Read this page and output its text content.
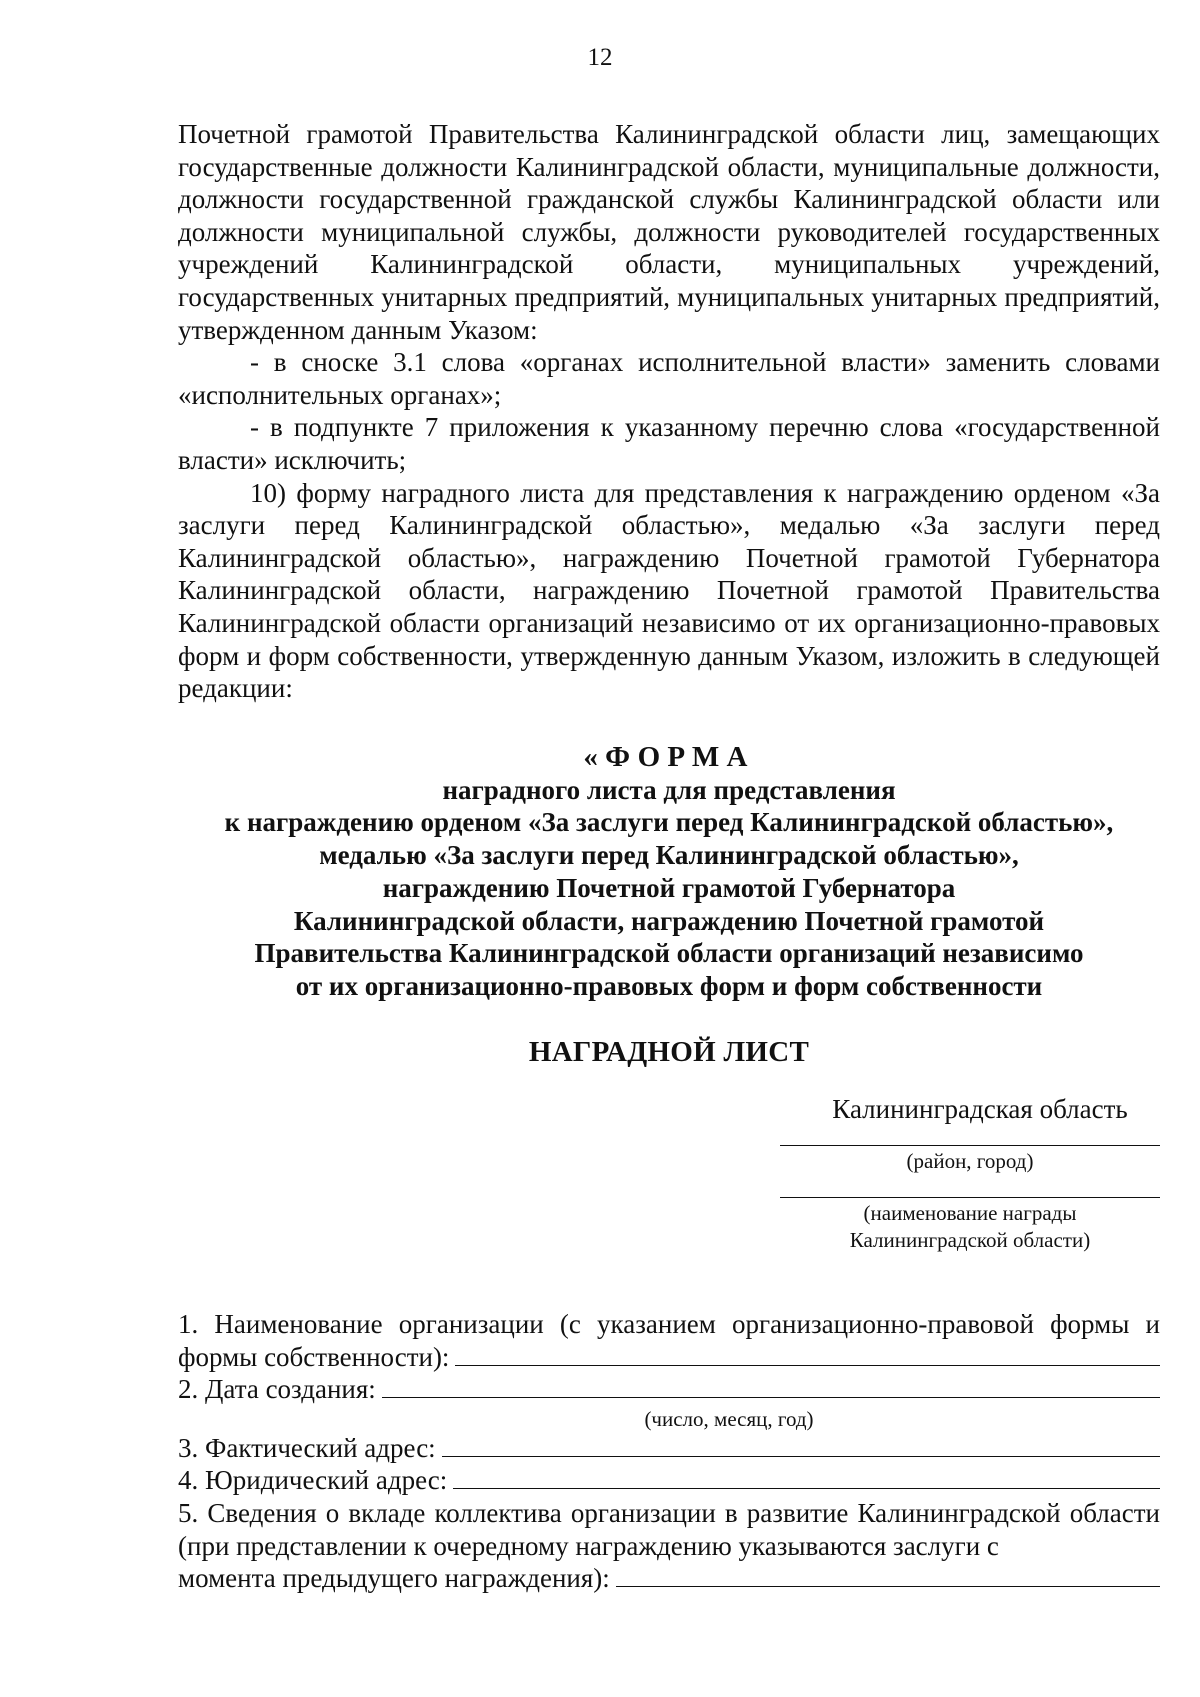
12

Почетной грамотой Правительства Калининградской области лиц, замещающих государственные должности Калининградской области, муниципальные должности, должности государственной гражданской службы Калининградской области или должности муниципальной службы, должности руководителей государственных учреждений Калининградской области, муниципальных учреждений, государственных унитарных предприятий, муниципальных унитарных предприятий, утвержденном данным Указом:

- в сноске 3.1 слова «органах исполнительной власти» заменить словами «исполнительных органах»;

- в подпункте 7 приложения к указанному перечню слова «государственной власти» исключить;

10) форму наградного листа для представления к награждению орденом «За заслуги перед Калининградской областью», медалью «За заслуги перед Калининградской областью», награждению Почетной грамотой Губернатора Калининградской области, награждению Почетной грамотой Правительства Калининградской области организаций независимо от их организационно-правовых форм и форм собственности, утвержденную данным Указом, изложить в следующей редакции:

«ФОРМА
наградного листа для представления
к награждению орденом «За заслуги перед Калининградской областью»,
медалью «За заслуги перед Калининградской областью»,
награждению Почетной грамотой Губернатора
Калининградской области, награждению Почетной грамотой
Правительства Калининградской области организаций независимо
от их организационно-правовых форм и форм собственности
НАГРАДНОЙ ЛИСТ
Калининградская область
(район, город)
(наименование награды
Калининградской области)

1. Наименование организации (с указанием организационно-правовой формы и

формы собственности):
2. Дата создания:
(число, месяц, год)
3. Фактический адрес:
4. Юридический адрес:

5. Сведения о вкладе коллектива организации в развитие Калининградской области (при представлении к очередному награждению указываются заслуги с

момента предыдущего награждения):
